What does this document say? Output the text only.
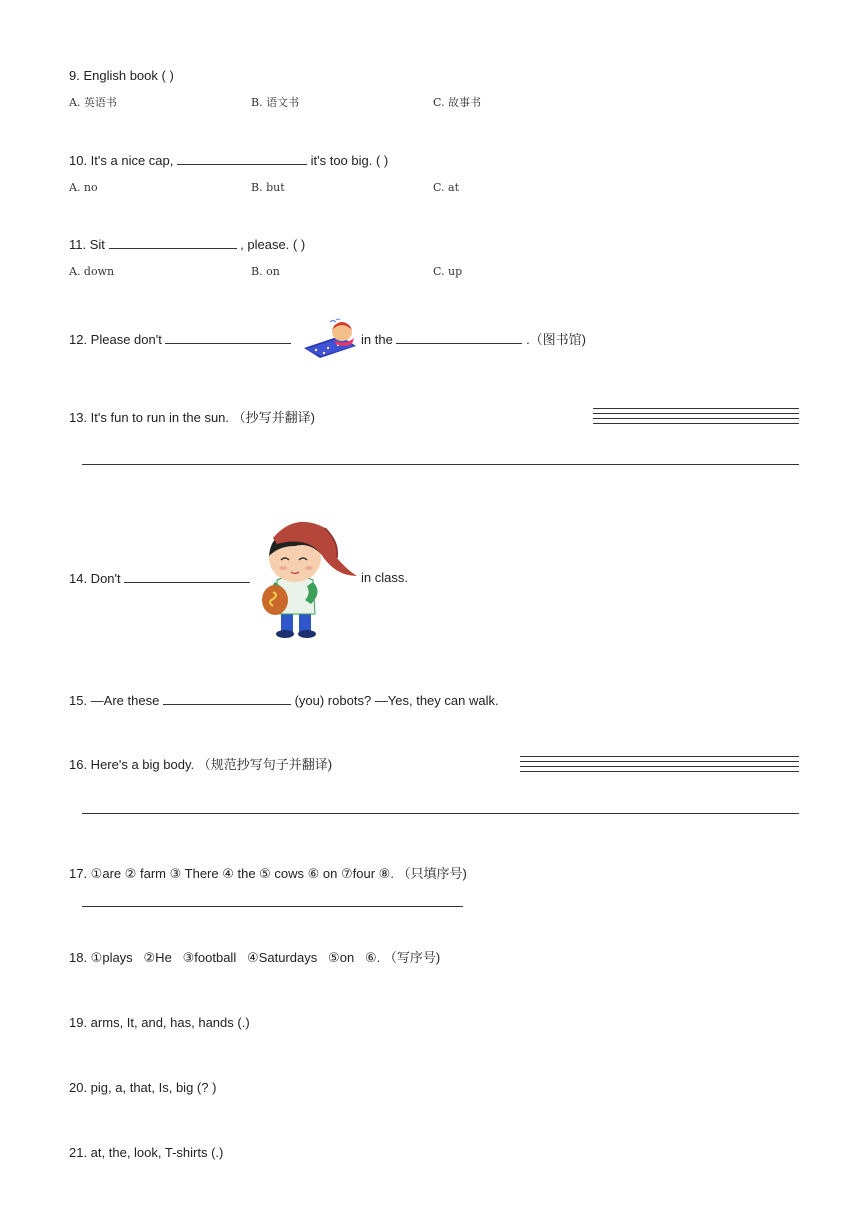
9. English book ( )
A. 英语书	B. 语文书	C. 故事书
10. It's a nice cap,	it's too big. ( )
A. no	B. but	C. at
11. Sit	, please. ( )
A. down	B. on	C. up
12. Please don't	in the	.（图书馆)
13. It's fun to run in the sun. （抄写并翻译)
14. Don't	in class.
15. —Are these	(you) robots? —Yes, they can walk.
16. Here's a big body. （规范抄写句子并翻译)
17. ①are ② farm ③ There ④ the ⑤ cows ⑥ on ⑦four ⑧. （只填序号)
18. ①plays   ②He   ③football   ④Saturdays   ⑤on   ⑥. （写序号)
19. arms, It, and, has, hands (.)
20. pig, a, that, Is, big (? )
21. at, the, look, T-shirts (.)
